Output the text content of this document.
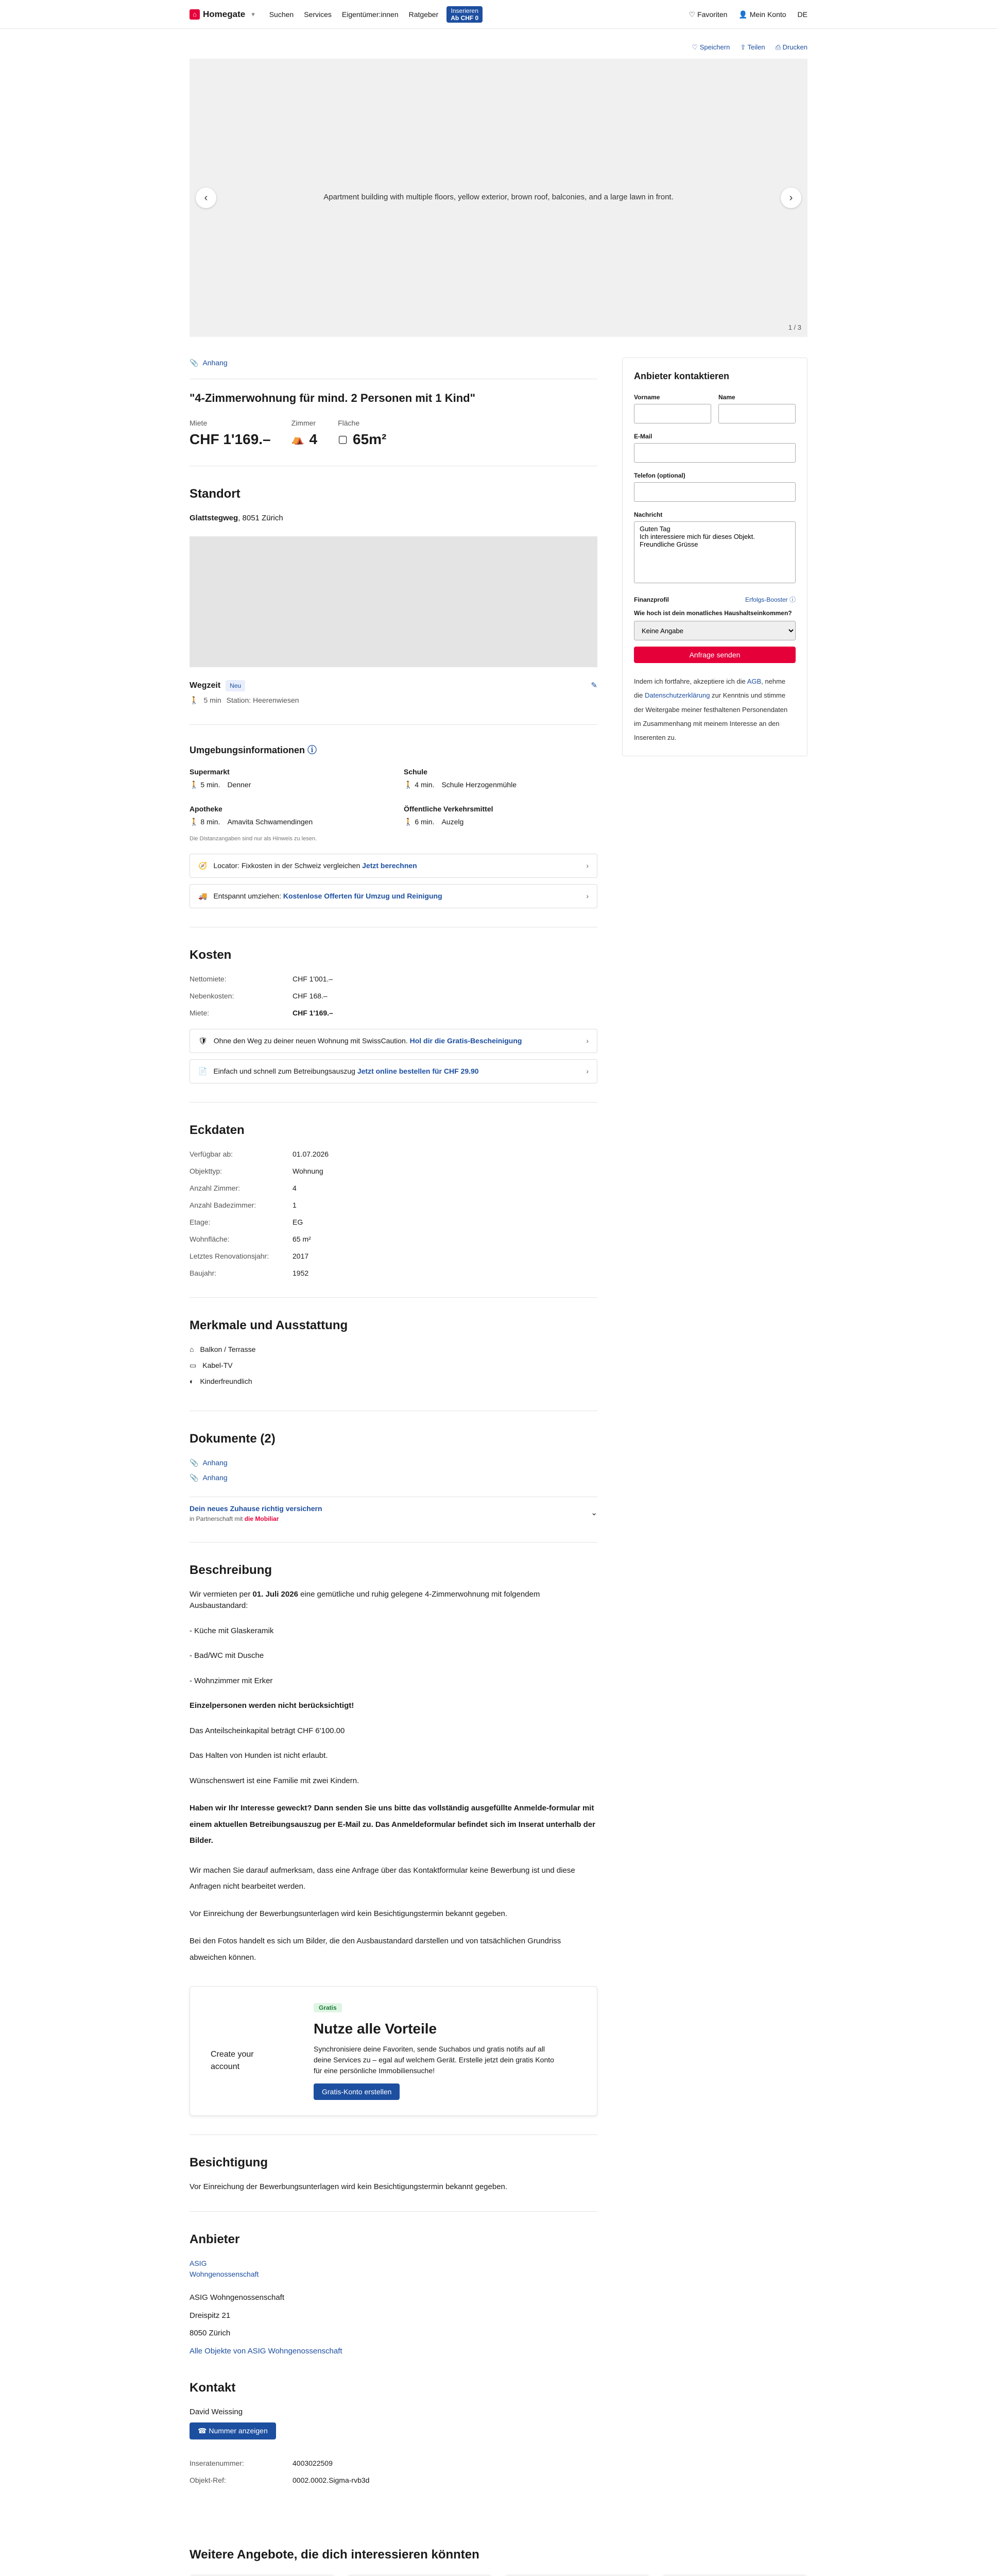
⌂ Homegate ▾ Suchen Services Eigentümer:innen Ratgeber Inserieren
Ab CHF 0	♡ Favoriten 👤 Mein Konto DE
♡ Speichern ⇪ Teilen ⎙ Drucken
Apartment building with multiple floors, yellow exterior, brown roof, balconies, and a large lawn in front.
‹	›
1 / 3
📎 Anhang
"4-Zimmerwohnung für mind. 2 Personen mit 1 Kind"
Miete
CHF 1'169.–
Zimmer
⛺ 4
Fläche
▢ 65m²
Standort
Glattstegweg, 8051 Zürich
Wegzeit	Neu	✎
🚶 5 min Station: Heerenwiesen
Umgebungsinformationen ⓘ
Supermarkt
🚶 5 min. Denner
Schule
🚶 4 min. Schule Herzogenmühle
Apotheke
🚶 8 min. Amavita Schwamendingen
Öffentliche Verkehrsmittel
🚶 6 min. Auzelg
Die Distanzangaben sind nur als Hinweis zu lesen.
🧭 Locator: Fixkosten in der Schweiz vergleichen Jetzt berechnen	›
🚚 Entspannt umziehen: Kostenlose Offerten für Umzug und Reinigung	›
Kosten
Nettomiete:	CHF 1'001.–
Nebenkosten:	CHF 168.–
Miete:	CHF 1'169.–
🛡 Ohne den Weg zu deiner neuen Wohnung mit SwissCaution. Hol dir die Gratis-Bescheinigung	›
📄 Einfach und schnell zum Betreibungsauszug Jetzt online bestellen für CHF 29.90	›
Eckdaten
Verfügbar ab:	01.07.2026
Objekttyp:	Wohnung
Anzahl Zimmer:	4
Anzahl Badezimmer:	1
Etage:	EG
Wohnfläche:	65 m²
Letztes Renovationsjahr:	2017
Baujahr:	1952
Merkmale und Ausstattung
⌂ Balkon / Terrasse
▭ Kabel-TV
◐ Kinderfreundlich
Dokumente (2)
📎 Anhang
📎 Anhang
Dein neues Zuhause richtig versichern
in Partnerschaft mit die Mobiliar
⌄
Beschreibung

Wir vermieten per 01. Juli 2026 eine gemütliche und ruhig gelegene 4-Zimmerwohnung mit folgendem Ausbaustandard:

- Küche mit Glaskeramik

- Bad/WC mit Dusche

- Wohnzimmer mit Erker

Einzelpersonen werden nicht berücksichtigt!

Das Anteilscheinkapital beträgt CHF 6'100.00

Das Halten von Hunden ist nicht erlaubt.

Wünschenswert ist eine Familie mit zwei Kindern.

Haben wir Ihr Interesse geweckt? Dann senden Sie uns bitte das vollständig ausgefüllte Anmelde-formular mit einem aktuellen Betreibungsauszug per E-Mail zu. Das Anmeldeformular befindet sich im Inserat unterhalb der Bilder.

Wir machen Sie darauf aufmerksam, dass eine Anfrage über das Kontaktformular keine Bewerbung ist und diese Anfragen nicht bearbeitet werden.

Vor Einreichung der Bewerbungsunterlagen wird kein Besichtigungstermin bekannt gegeben.

Bei den Fotos handelt es sich um Bilder, die den Ausbaustandard darstellen und von tatsächlichen Grundriss abweichen können.

Create your account
Gratis
Nutze alle Vorteile

Synchronisiere deine Favoriten, sende Suchabos und gratis notifs auf all deine Services zu – egal auf welchem Gerät. Erstelle jetzt dein gratis Konto für eine persönliche Immobiliensuche!

Gratis-Konto erstellen
Besichtigung

Vor Einreichung der Bewerbungsunterlagen wird kein Besichtigungstermin bekannt gegeben.

Anbieter
ASIG
Wohngenossenschaft
ASIG Wohngenossenschaft
Dreispitz 21
8050 Zürich
Alle Objekte von ASIG Wohngenossenschaft
Kontakt
David Weissing
☎ Nummer anzeigen
Inseratenummer:	4003022509
Objekt-Ref:	0002.0002.Sigma-rvb3d
Anbieter kontaktieren
Vorname	Name
E-Mail
Telefon (optional)
Nachricht
Guten Tag Ich interessiere mich für dieses Objekt. Freundliche Grüsse
Finanzprofil	Erfolgs-Booster ⓘ
Wie hoch ist dein monatliches Haushaltseinkommen?
Keine Angabe
Anfrage senden
Indem ich fortfahre, akzeptiere ich die AGB, nehme die Datenschutzerklärung zur Kenntnis und stimme der Weitergabe meiner festhaltenen Personendaten im Zusammenhang mit meinem Interesse an den Inserenten zu.
Weitere Angebote, die dich interessieren könnten
